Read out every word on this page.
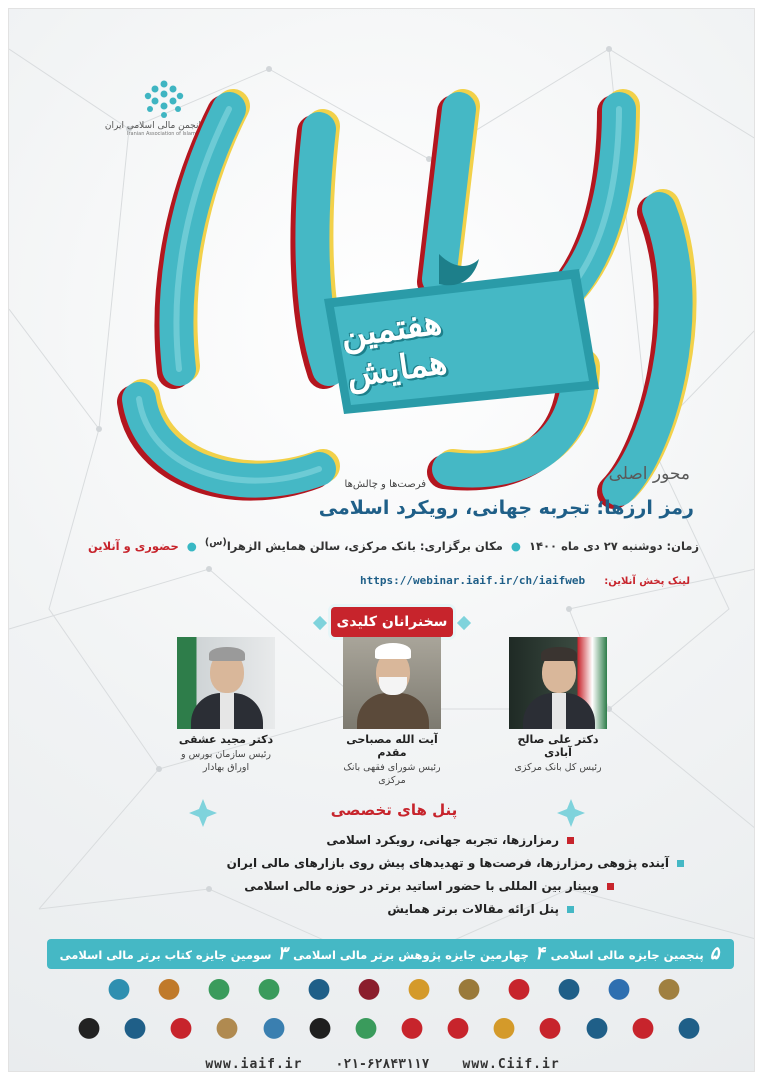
انجمن مالی اسلامی ایران
Iranian Association of Islamic Finance
هفتمین همایش
محور اصلی
فرصت‌ها و چالش‌ها
رمز ارزها؛ تجربه جهانی، رویکرد اسلامی
زمان: دوشنبه ۲۷ دی ماه ۱۴۰۰ ● مکان برگزاری: بانک مرکزی، سالن همایش الزهرا$^{(س)}$ ● حضوری و آنلاین
لینک پخش آنلاین: https://webinar.iaif.ir/ch/iaifweb
سخنرانان کلیدی
دکتر مجید عشقی
رئیس سازمان بورس و اوراق بهادار
آیت الله مصباحی مقدم
رئیس شورای فقهی بانک مرکزی
دکتر علی صالح آبادی
رئیس کل بانک مرکزی
پنل های تخصصی
رمزارزها، تجربه جهانی، رویکرد اسلامی
آینده پژوهی رمزارزها، فرصت‌ها و تهدیدهای پیش روی بازارهای مالی ایران
وبینار بین المللی با حضور اساتید برتر در حوزه مالی اسلامی
پنل ارائه مقالات برتر همایش
۵ پنجمین جایزه مالی اسلامی ۴ چهارمین جایزه پژوهش برتر مالی اسلامی ۳ سومین جایزه کتاب برتر مالی اسلامی
www.iaif.ir	۰۲۱-۶۲۸۴۳۱۱۷	www.Ciif.ir
